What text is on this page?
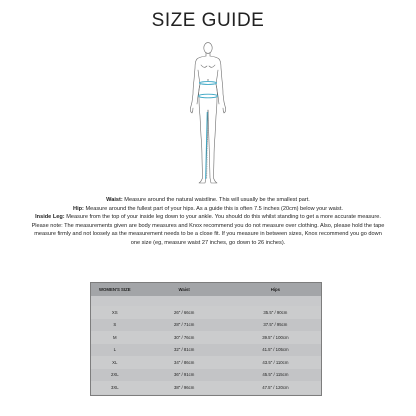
SIZE GUIDE

Waist: Measure around the natural waistline. This will usually be the smallest part.

Hip: Measure around the fullest part of your hips. As a guide this is often 7.5 inches (20cm) below your waist.

Inside Leg: Measure from the top of your inside leg down to your ankle. You should do this whilst standing to get a more accurate measure.

Please note: The measurements given are body measures and Knox recommend you do not measure over clothing. Also, please hold the tape

measure firmly and not loosely as the measurement needs to be a close fit. If you measure in between sizes, Knox recommend you go down

one size (eg, measure waist 27 inches, go down to 26 inches).

WOMEN'S SIZE	Waist	Hips
XS	26" / 66cm	35.5" / 90cm
S	28" / 71cm	37.5" / 95cm
M	30" / 76cm	39.5" / 100cm
L	32" / 81cm	41.5" / 105cm
XL	34" / 86cm	43.5" / 110cm
2XL	36" / 91cm	45.5" / 115cm
3XL	38" / 96cm	47.5" / 120cm
